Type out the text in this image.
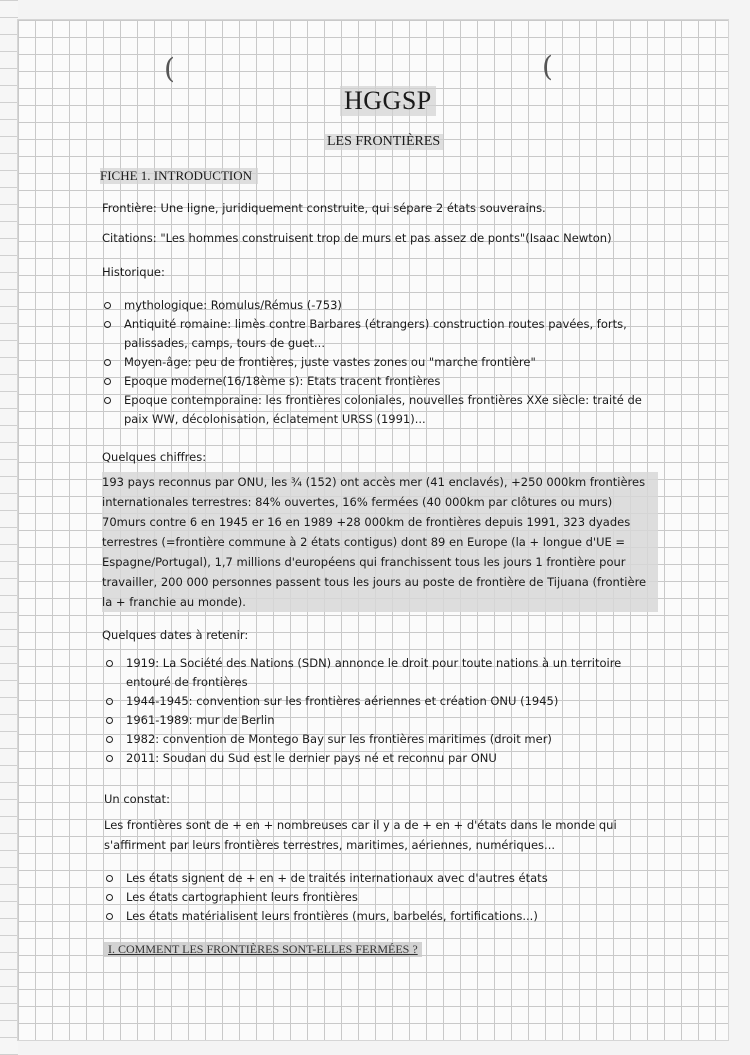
(	(
HGGSP
LES FRONTIÈRES
FICHE 1. INTRODUCTION
Frontière: Une ligne, juridiquement construite, qui sépare 2 états souverains.
Citations: "Les hommes construisent trop de murs et pas assez de ponts"(Isaac Newton)
Historique:
mythologique: Romulus/Rémus (-753)
Antiquité romaine: limès contre Barbares (étrangers) construction routes pavées, forts, palissades, camps, tours de guet...
Moyen-âge: peu de frontières, juste vastes zones ou "marche frontière"
Epoque moderne(16/18ème s): Etats tracent frontières
Epoque contemporaine: les frontières coloniales, nouvelles frontières XXe siècle: traité de paix WW, décolonisation, éclatement URSS (1991)...
Quelques chiffres:
193 pays reconnus par ONU, les ¾ (152) ont accès mer (41 enclavés), +250 000km frontières internationales terrestres: 84% ouvertes, 16% fermées (40 000km par clôtures ou murs) 70murs contre 6 en 1945 er 16 en 1989 +28 000km de frontières depuis 1991, 323 dyades terrestres (=frontière commune à 2 états contigus) dont 89 en Europe (la + longue d'UE = Espagne/Portugal), 1,7 millions d'européens qui franchissent tous les jours 1 frontière pour travailler, 200 000 personnes passent tous les jours au poste de frontière de Tijuana (frontière la + franchie au monde).
Quelques dates à retenir:
1919: La Société des Nations (SDN) annonce le droit pour toute nations à un territoire entouré de frontières
1944-1945: convention sur les frontières aériennes et création ONU (1945)
1961-1989: mur de Berlin
1982: convention de Montego Bay sur les frontières maritimes (droit mer)
2011: Soudan du Sud est le dernier pays né et reconnu par ONU
Un constat:
Les frontières sont de + en + nombreuses car il y a de + en + d'états dans le monde qui s'affirment par leurs frontières terrestres, maritimes, aériennes, numériques...
Les états signent de + en + de traités internationaux avec d'autres états
Les états cartographient leurs frontières
Les états matérialisent leurs frontières (murs, barbelés, fortifications...)
I. COMMENT LES FRONTIÈRES SONT-ELLES FERMÉES ?
